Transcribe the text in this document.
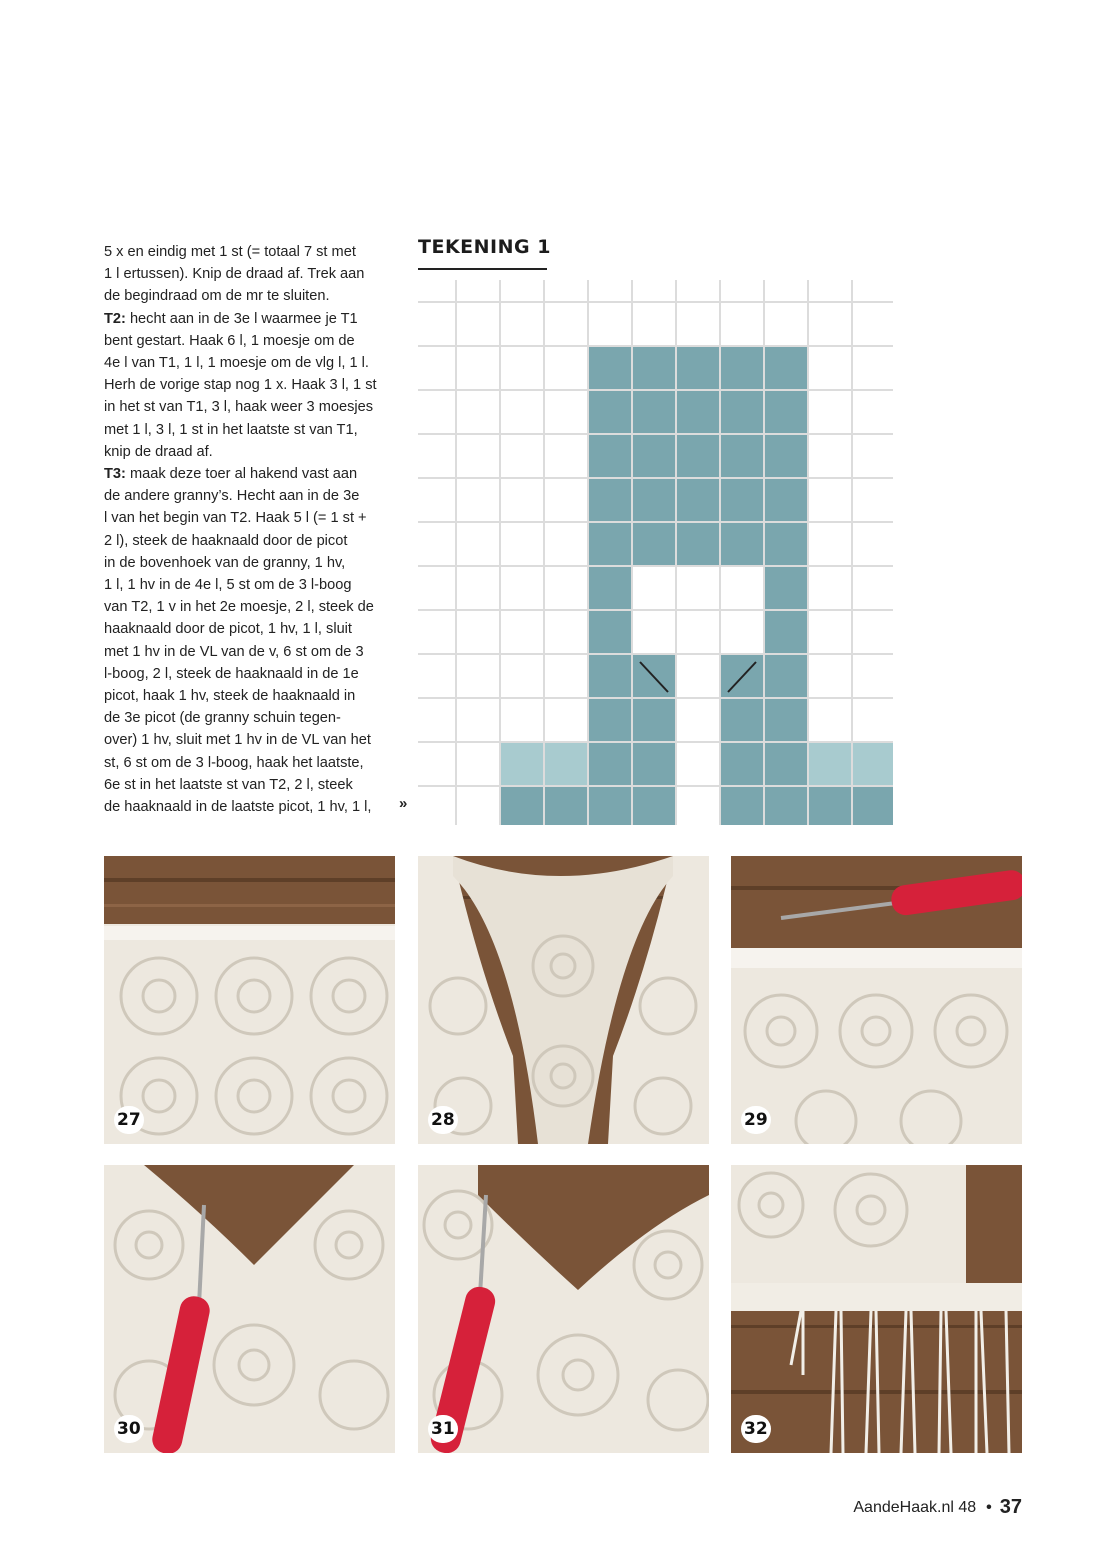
5 x en eindig met 1 st (= totaal 7 st met
1 l ertussen). Knip de draad af. Trek aan
de begindraad om de mr te sluiten.
T2: hecht aan in de 3e l waarmee je T1
bent gestart. Haak 6 l, 1 moesje om de
4e l van T1, 1 l, 1 moesje om de vlg l, 1 l.
Herh de vorige stap nog 1 x. Haak 3 l, 1 st
in het st van T1, 3 l, haak weer 3 moesjes
met 1 l, 3 l, 1 st in het laatste st van T1,
knip de draad af.
T3: maak deze toer al hakend vast aan
de andere granny’s. Hecht aan in de 3e
l van het begin van T2. Haak 5 l (= 1 st +
2 l), steek de haaknaald door de picot
in de bovenhoek van de granny, 1 hv,
1 l, 1 hv in de 4e l, 5 st om de 3 l-boog
van T2, 1 v in het 2e moesje, 2 l, steek de
haaknaald door de picot, 1 hv, 1 l, sluit
met 1 hv in de VL van de v, 6 st om de 3
l-boog, 2 l, steek de haaknaald in de 1e
picot, haak 1 hv, steek de haaknaald in
de 3e picot (de granny schuin tegen-
over) 1 hv, sluit met 1 hv in de VL van het
st, 6 st om de 3 l-boog, haak het laatste,
6e st in het laatste st van T2, 2 l, steek
de haaknaald in de laatste picot, 1 hv, 1 l,	»
TEKENING 1
27	28	29
30	31	32
AandeHaak.nl 48 • 37
